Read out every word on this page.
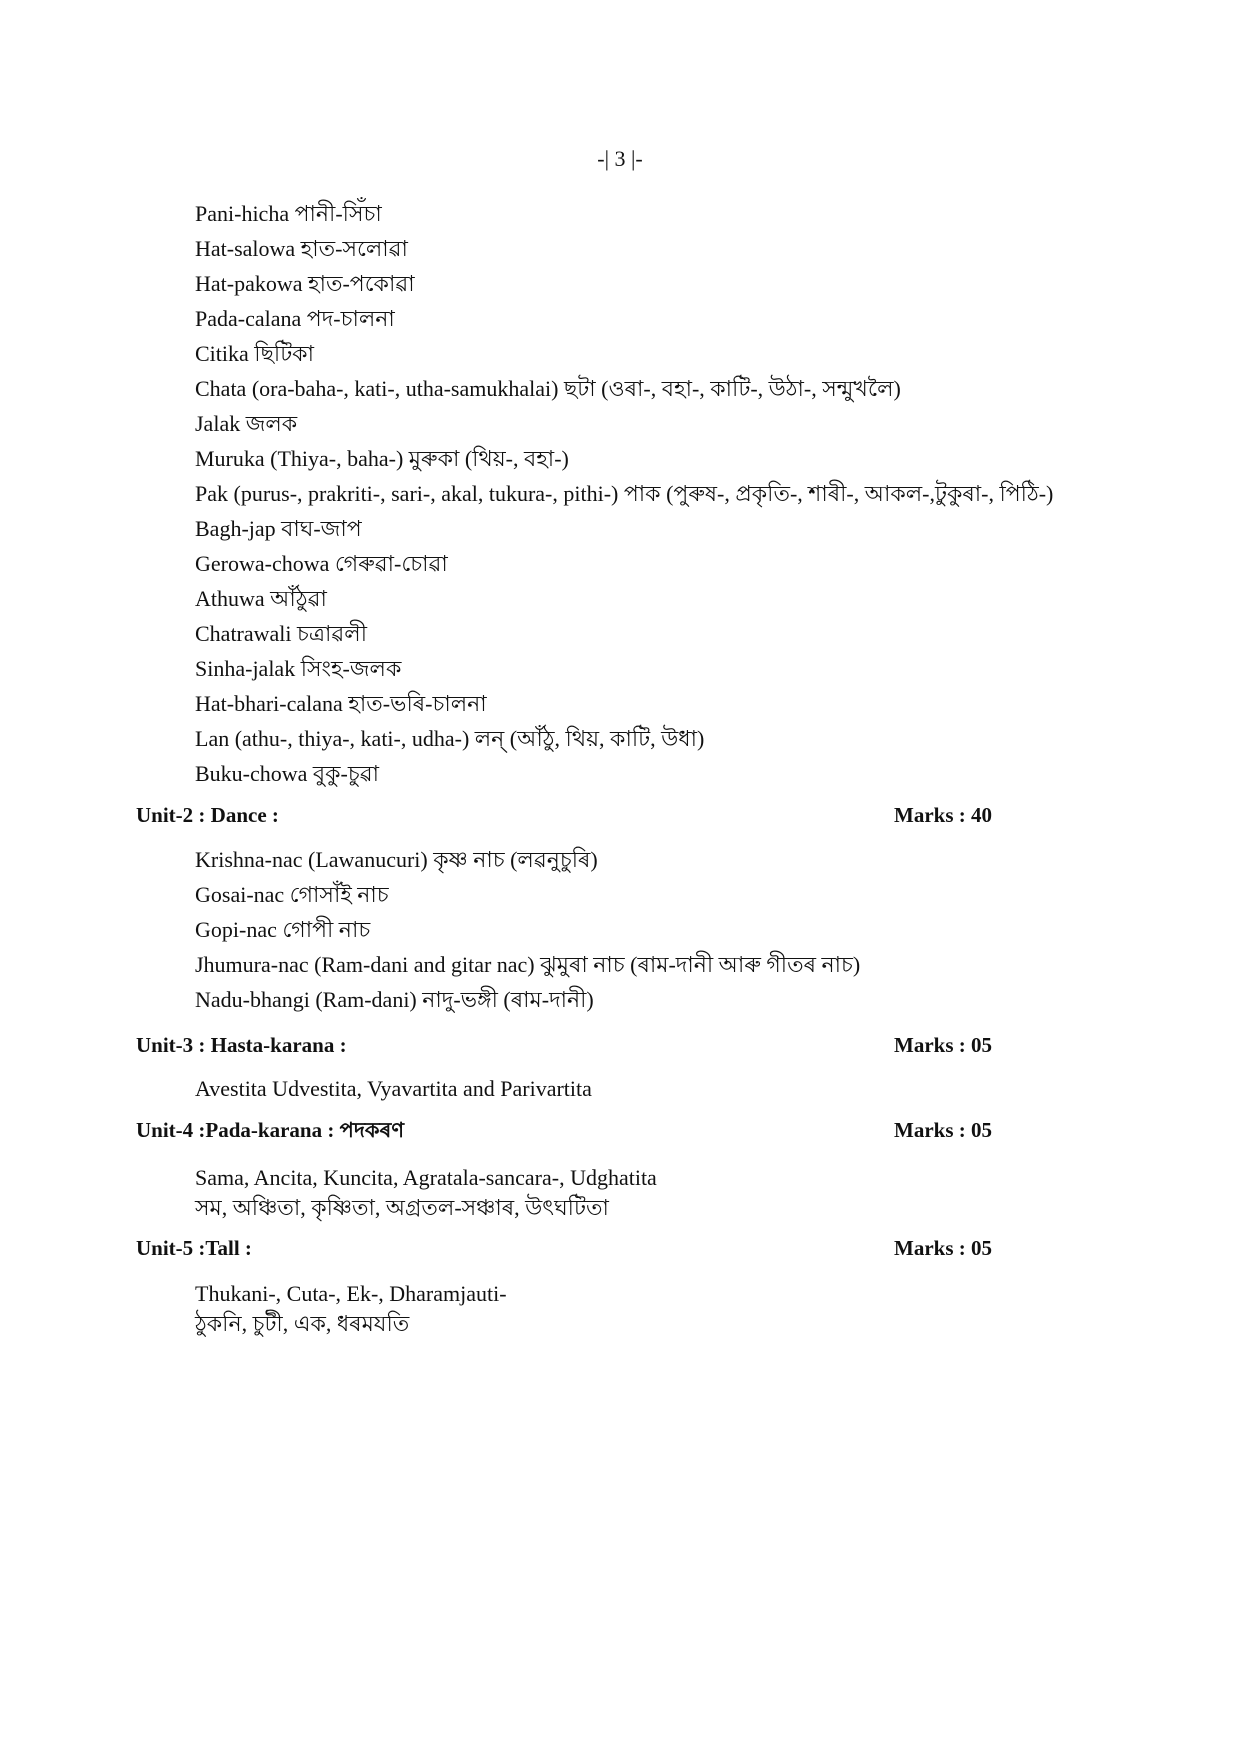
-| 3 |-
Pani-hicha পানী-সিঁচা
Hat-salowa হাত-সলোৱা
Hat-pakowa হাত-পকোৱা
Pada-calana পদ-চালনা
Citika ছিটিকা
Chata (ora-baha-, kati-, utha-samukhalai) ছটা (ওৰা-, বহা-, কাটি-, উঠা-, সন্মুখলৈ)
Jalak জলক
Muruka (Thiya-, baha-) মুৰুকা (থিয়-, বহা-)
Pak (purus-, prakriti-, sari-, akal, tukura-, pithi-) পাক (পুৰুষ-, প্ৰকৃতি-, শাৰী-, আকল-,টুকুৰা-, পিঠি-)
Bagh-jap বাঘ-জাপ
Gerowa-chowa গেৰুৱা-চোৱা
Athuwa আঁঠুৱা
Chatrawali চত্ৰাৱলী
Sinha-jalak সিংহ-জলক
Hat-bhari-calana হাত-ভৰি-চালনা
Lan (athu-, thiya-, kati-, udha-) লন্ (আঁঠু, থিয়, কাটি, উধা)
Buku-chowa বুকু-চুৱা
Unit-2 : Dance :	Marks : 40
Krishna-nac (Lawanucuri) কৃষ্ণ নাচ (লৱনুচুৰি)
Gosai-nac গোসাঁই নাচ
Gopi-nac গোপী নাচ
Jhumura-nac (Ram-dani and gitar nac) ঝুমুৰা নাচ (ৰাম-দানী আৰু গীতৰ নাচ)
Nadu-bhangi (Ram-dani) নাদু-ভঙ্গী (ৰাম-দানী)
Unit-3 : Hasta-karana :	Marks : 05
Avestita Udvestita, Vyavartita and Parivartita
Unit-4 :Pada-karana : পদকৰণ	Marks : 05
Sama, Ancita, Kuncita, Agratala-sancara-, Udghatita
সম, অঞ্চিতা, কৃষ্ণিতা, অগ্ৰতল-সঞ্চাৰ, উৎঘটিতা
Unit-5 :Tall :	Marks : 05
Thukani-, Cuta-, Ek-, Dharamjauti-
ঠুকনি, চুটী, এক, ধৰমযতি
